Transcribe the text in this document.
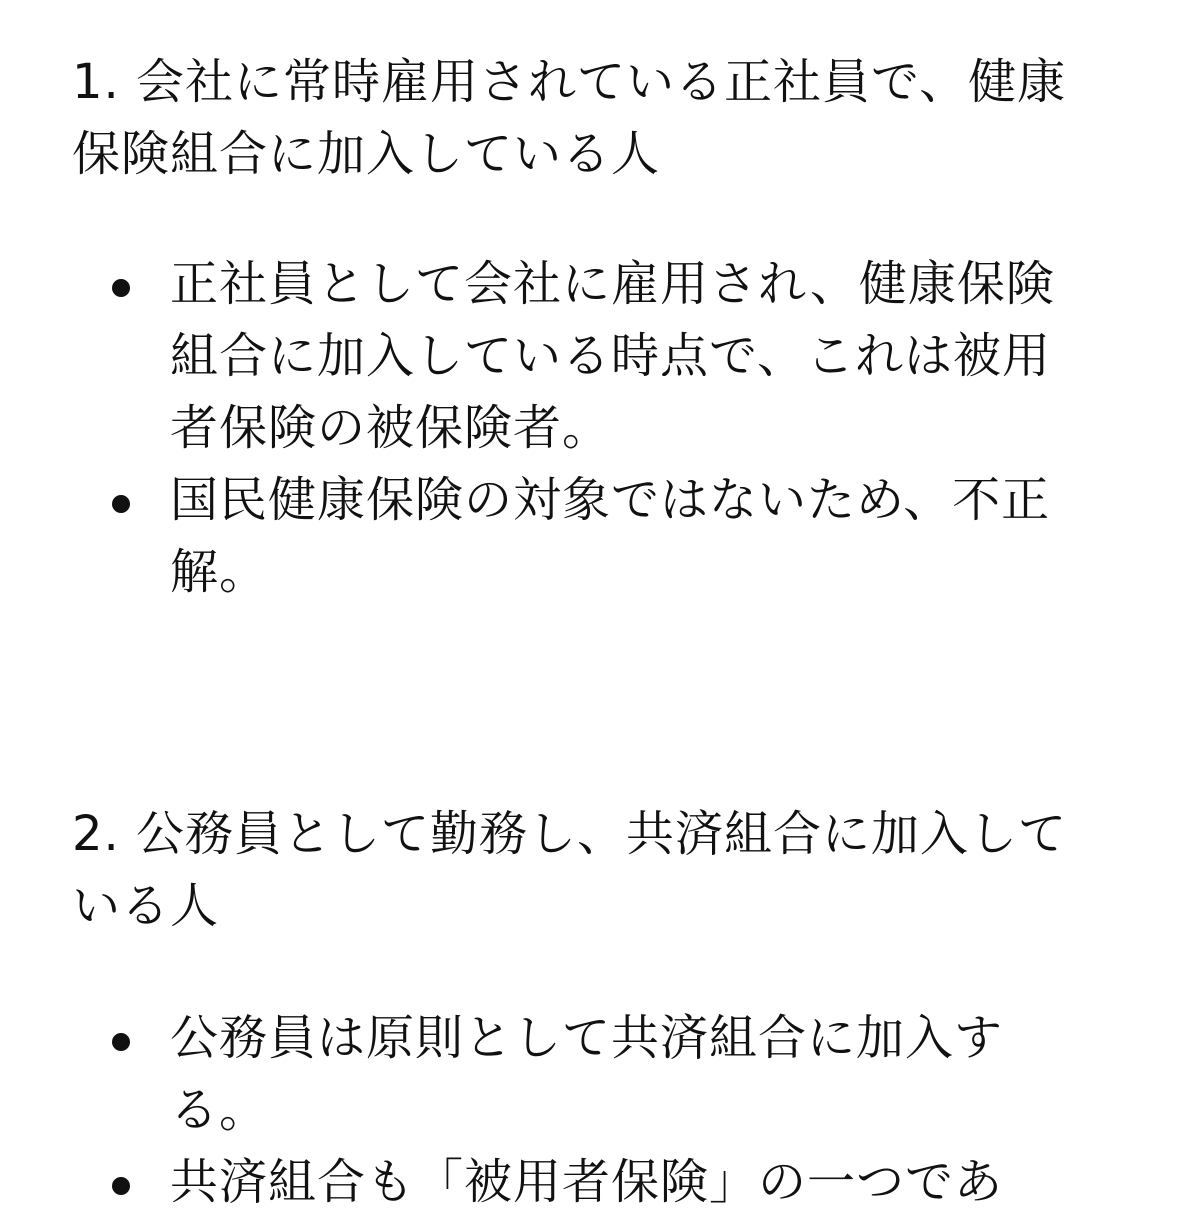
1. 会社に常時雇用されている正社員で、健康保険組合に加入している人

正社員として会社に雇用され、健康保険組合に加入している時点で、これは被用者保険の被保険者。
国民健康保険の対象ではないため、不正解。

2. 公務員として勤務し、共済組合に加入している人

公務員は原則として共済組合に加入する。
共済組合も「被用者保険」の一つであ
